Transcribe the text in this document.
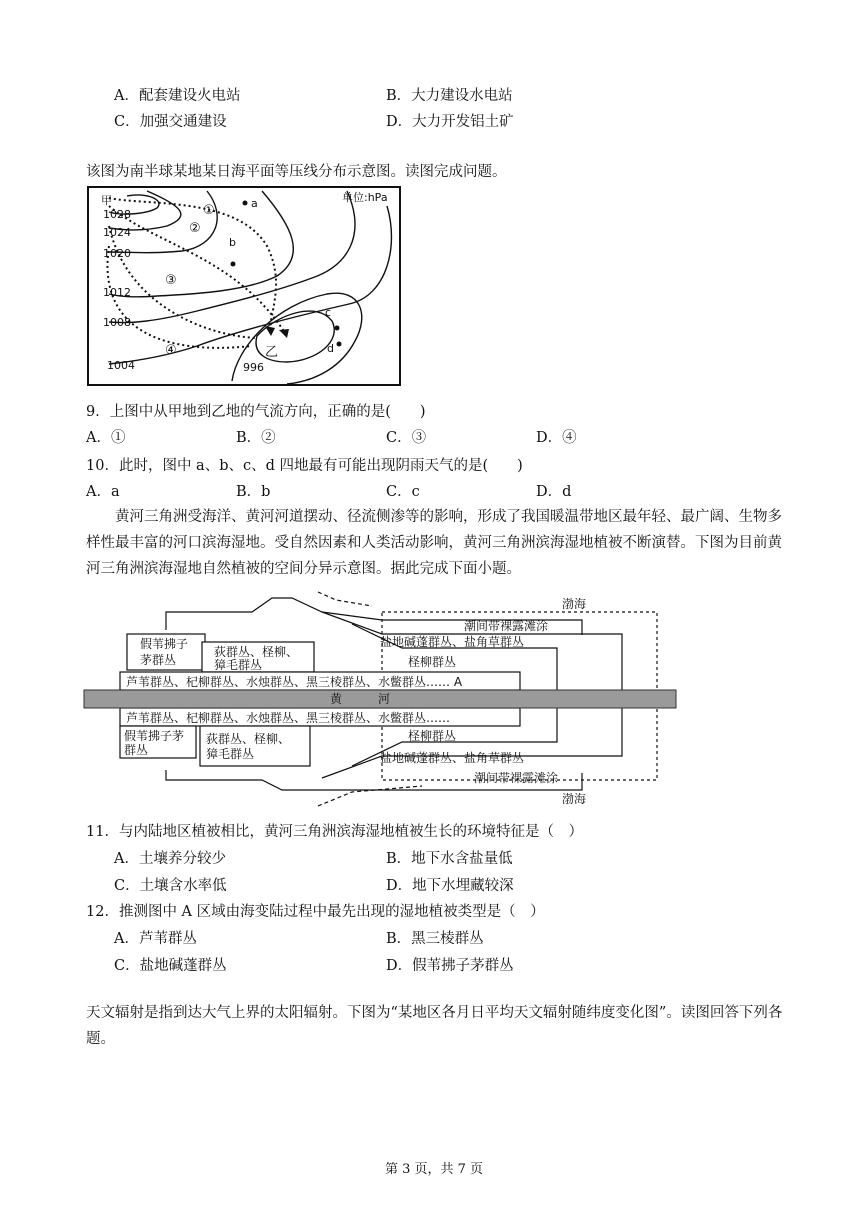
A．配套建设火电站	B．大力建设水电站
C．加强交通建设	D．大力开发铝土矿
该图为南半球某地某日海平面等压线分布示意图。读图完成问题。
单位:hPa
甲
1028
1024
1020
1012
1008
1004	996
乙
a
b
c
d
①
②
③
④
9．上图中从甲地到乙地的气流方向，正确的是(　　)
A．①	B．②	C．③	D．④
10．此时，图中 a、b、c、d 四地最有可能出现阴雨天气的是(　　)
A．a	B．b	C．c	D．d
黄河三角洲受海洋、黄河河道摆动、径流侧渗等的影响，形成了我国暖温带地区最年轻、最广阔、生物多样性最丰富的河口滨海湿地。受自然因素和人类活动影响，黄河三角洲滨海湿地植被不断演替。下图为目前黄河三角洲滨海湿地自然植被的空间分异示意图。据此完成下面小题。
渤海
渤海
潮间带裸露滩涂
潮间带裸露滩涂
盐地碱蓬群丛、盐角草群丛
盐地碱蓬群丛、盐角草群丛
柽柳群丛
柽柳群丛
芦苇群丛、杞柳群丛、水烛群丛、黑三棱群丛、水鳖群丛…… A
黄　　　河
芦苇群丛、杞柳群丛、水烛群丛、黑三棱群丛、水鳖群丛……
假苇拂子
茅群丛
荻群丛、柽柳、
獐毛群丛
假苇拂子茅
群丛
荻群丛、柽柳、
獐毛群丛
11．与内陆地区植被相比，黄河三角洲滨海湿地植被生长的环境特征是（　）
A．土壤养分较少	B．地下水含盐量低
C．土壤含水率低	D．地下水埋藏较深
12．推测图中 A 区域由海变陆过程中最先出现的湿地植被类型是（　）
A．芦苇群丛	B．黑三棱群丛
C．盐地碱蓬群丛	D．假苇拂子茅群丛
天文辐射是指到达大气上界的太阳辐射。下图为“某地区各月日平均天文辐射随纬度变化图”。读图回答下列各题。
第 3 页，共 7 页
